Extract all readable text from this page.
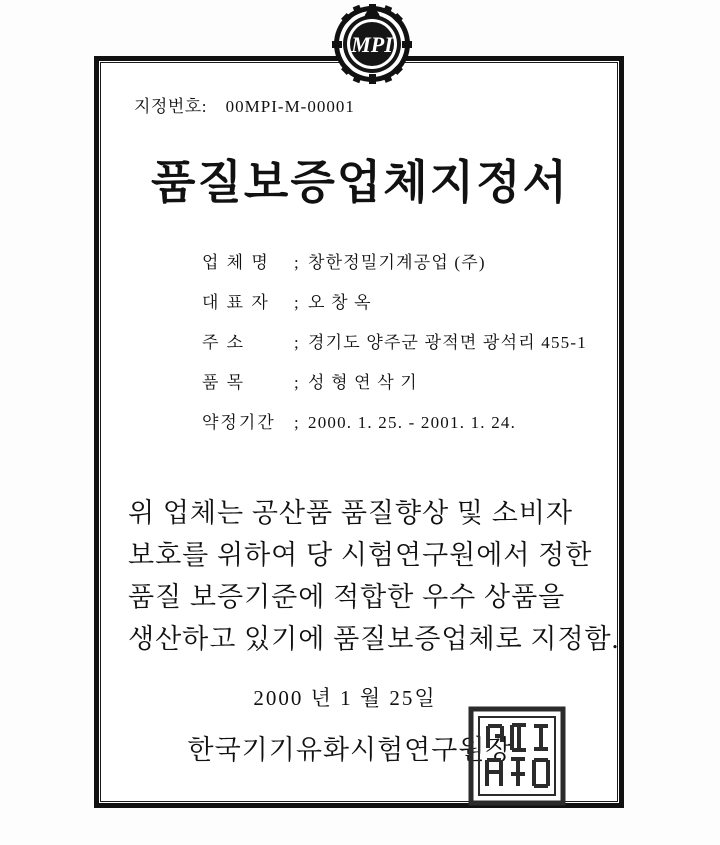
MPI
지정번호: 00MPI-M-00001
품질보증업체지정서
업 체 명	; 창한정밀기계공업 (주)
대 표 자	; 오 창 옥
주 소	; 경기도 양주군 광적면 광석리 455-1
품 목	; 성 형 연 삭 기
약정기간	; 2000. 1. 25. - 2001. 1. 24.
위 업체는 공산품 품질향상 및 소비자
보호를 위하여 당 시험연구원에서 정한
품질 보증기준에 적합한 우수 상품을
생산하고 있기에 품질보증업체로 지정함.
2000 년 1 월 25일
한국기기유화시험연구원장
